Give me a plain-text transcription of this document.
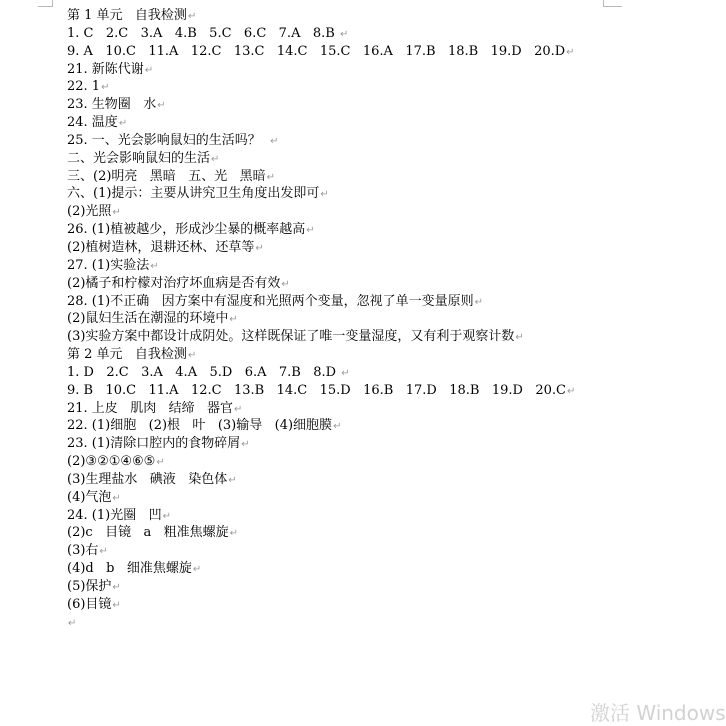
第 1 单元   自我检测↵
1. C   2.C   3.A   4.B   5.C   6.C   7.A   8.B ↵
9. A   10.C   11.A   12.C   13.C   14.C   15.C   16.A   17.B   18.B   19.D   20.D↵
21. 新陈代谢↵
22. 1↵
23. 生物圈   水↵
24. 温度↵
25. 一、光会影响鼠妇的生活吗？  ↵
二、光会影响鼠妇的生活↵
三、(2)明亮   黑暗   五、光   黑暗↵
六、(1)提示：主要从讲究卫生角度出发即可↵
(2)光照↵
26. (1)植被越少，形成沙尘暴的概率越高↵
(2)植树造林，退耕还林、还草等↵
27. (1)实验法↵
(2)橘子和柠檬对治疗坏血病是否有效↵
28. (1)不正确   因方案中有湿度和光照两个变量，忽视了单一变量原则↵
(2)鼠妇生活在潮湿的环境中↵
(3)实验方案中都设计成阴处。这样既保证了唯一变量湿度，又有利于观察计数↵
第 2 单元   自我检测↵
1. D   2.C   3.A   4.A   5.D   6.A   7.B   8.D ↵
9. B   10.C   11.A   12.C   13.B   14.C   15.D   16.B   17.D   18.B   19.D   20.C↵
21. 上皮   肌肉   结缔   器官↵
22. (1)细胞   (2)根   叶   (3)输导   (4)细胞膜↵
23. (1)清除口腔内的食物碎屑↵
(2)③②①④⑥⑤↵
(3)生理盐水   碘液   染色体↵
(4)气泡↵
24. (1)光圈   凹↵
(2)c   目镜   a   粗准焦螺旋↵
(3)右↵
(4)d   b   细准焦螺旋↵
(5)保护↵
(6)目镜↵
↵
激活 Windows
